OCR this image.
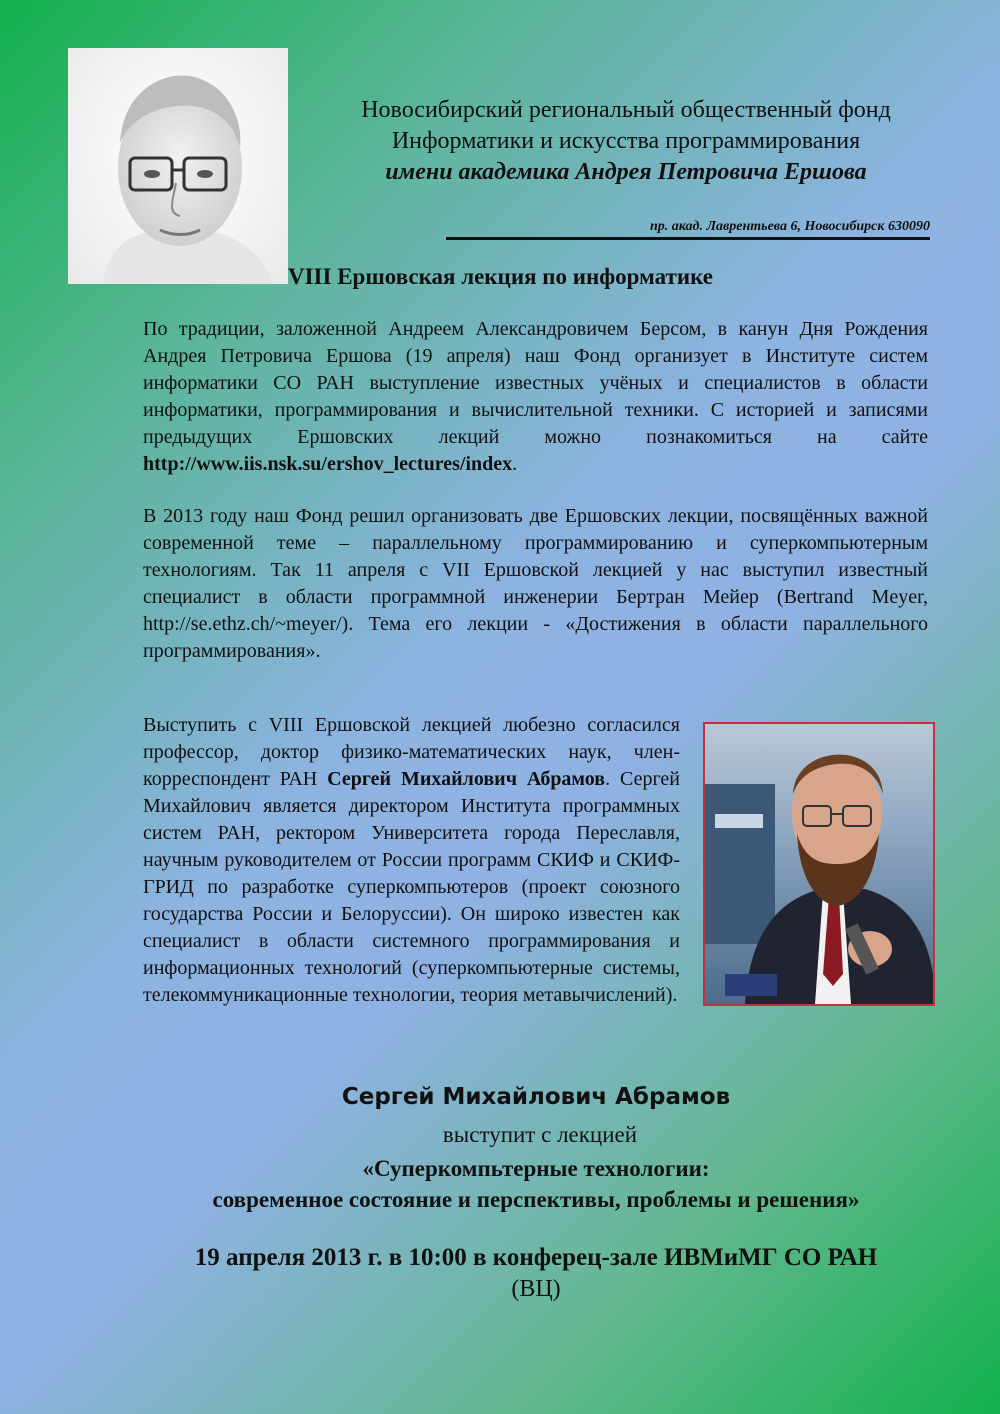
Новосибирский региональный общественный фонд
Информатики и искусства программирования
имени академика Андрея Петровича Ершова
пр. акад. Лаврентьева 6, Новосибирск 630090
VIII Ершовская лекция по информатике
По традиции, заложенной Андреем Александровичем Берсом, в канун Дня Рождения Андрея Петровича Ершова (19 апреля) наш Фонд организует в Институте систем информатики СО РАН выступление известных учёных и специалистов в области информатики, программирования и вычислительной техники. С историей и записями предыдущих Ершовских лекций можно познакомиться на сайте http://www.iis.nsk.su/ershov_lectures/index.
В 2013 году наш Фонд решил организовать две Ершовских лекции, посвящённых важной современной теме – параллельному программированию и суперкомпьютерным технологиям. Так 11 апреля с VII Ершовской лекцией у нас выступил известный специалист в области программной инженерии Бертран Мейер (Bertrand Meyer, http://se.ethz.ch/~meyer/). Тема его лекции - «Достижения в области параллельного программирования».
Выступить с VIII Ершовской лекцией любезно согласился профессор, доктор физико-математических наук, член-корреспондент РАН Сергей Михайлович Абрамов. Сергей Михайлович является директором Института программных систем РАН, ректором Университета города Переславля, научным руководителем от России программ СКИФ и СКИФ-ГРИД по разработке суперкомпьютеров (проект союзного государства России и Белоруссии). Он широко известен как специалист в области системного программирования и информационных технологий (суперкомпьютерные системы, телекоммуникационные технологии, теория метавычислений).
Сергей Михайлович Абрамов
выступит с лекцией
«Суперкомпьтерные технологии:
современное состояние и перспективы, проблемы и решения»
19 апреля 2013 г. в 10:00 в конферец-зале ИВМиМГ СО РАН
(ВЦ)
